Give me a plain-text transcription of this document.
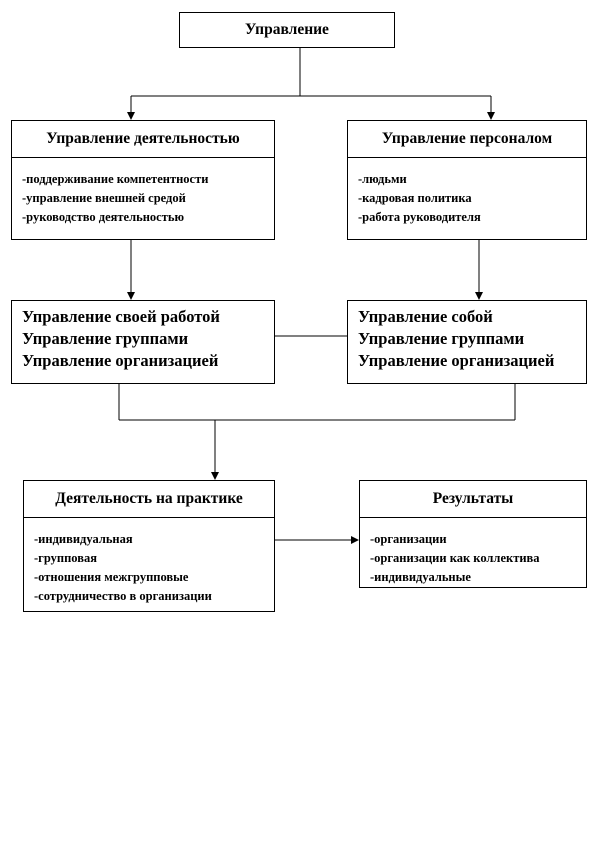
Управление
Управление деятельностью
-поддерживание компетентности
-управление внешней средой
-руководство деятельностью
Управление персоналом
-людьми
-кадровая политика
-работа руководителя
Управление своей работой
Управление группами
Управление организацией
Управление собой
Управление группами
Управление организацией
Деятельность на практике
-индивидуальная
-групповая
-отношения межгрупповые
-сотрудничество в организации
Результаты
-организации
-организации как коллектива
-индивидуальные
